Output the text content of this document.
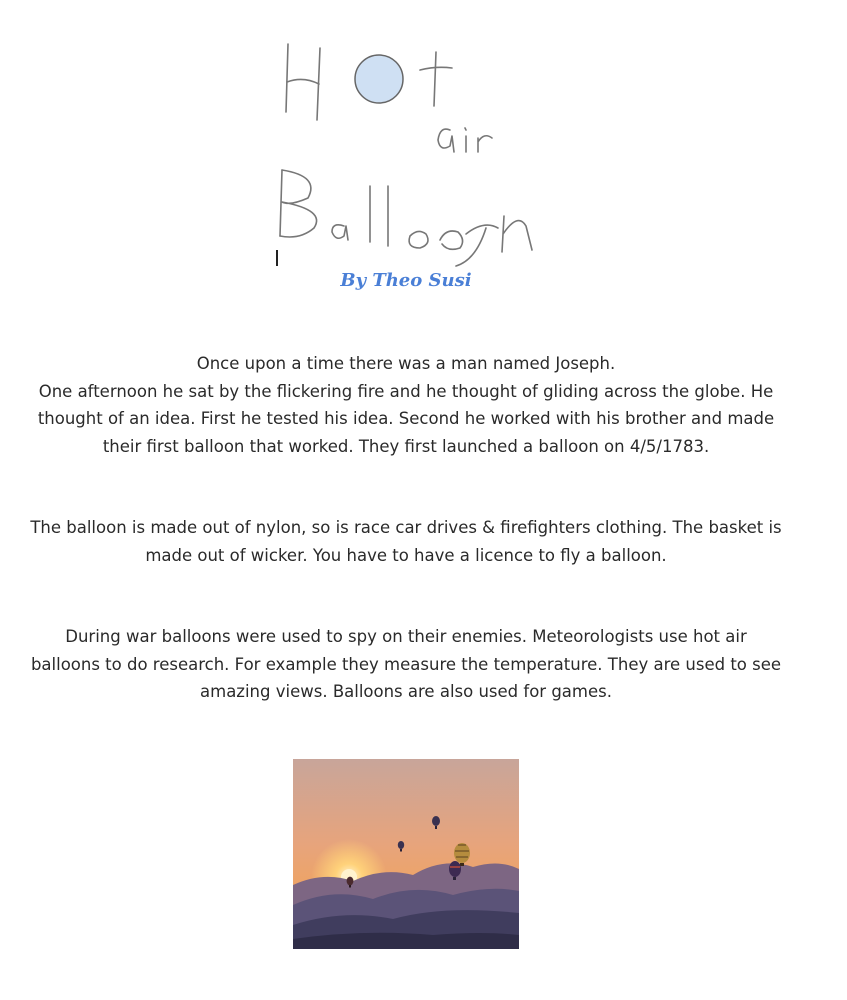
By Theo Susi

Once upon a time there was a man named Joseph.

One afternoon he sat by the flickering fire and he thought of gliding across the globe. He thought of an idea. First he tested his idea. Second he worked with his brother and made their first balloon that worked. They first launched a balloon on 4/5/1783.

The balloon is made out of nylon, so is race car drives & firefighters clothing. The basket is made out of wicker. You have to have a licence to fly a balloon.

During war balloons were used to spy on their enemies. Meteorologists use hot air balloons to do research. For example they measure the temperature. They are used to see amazing views. Balloons are also used for games.
